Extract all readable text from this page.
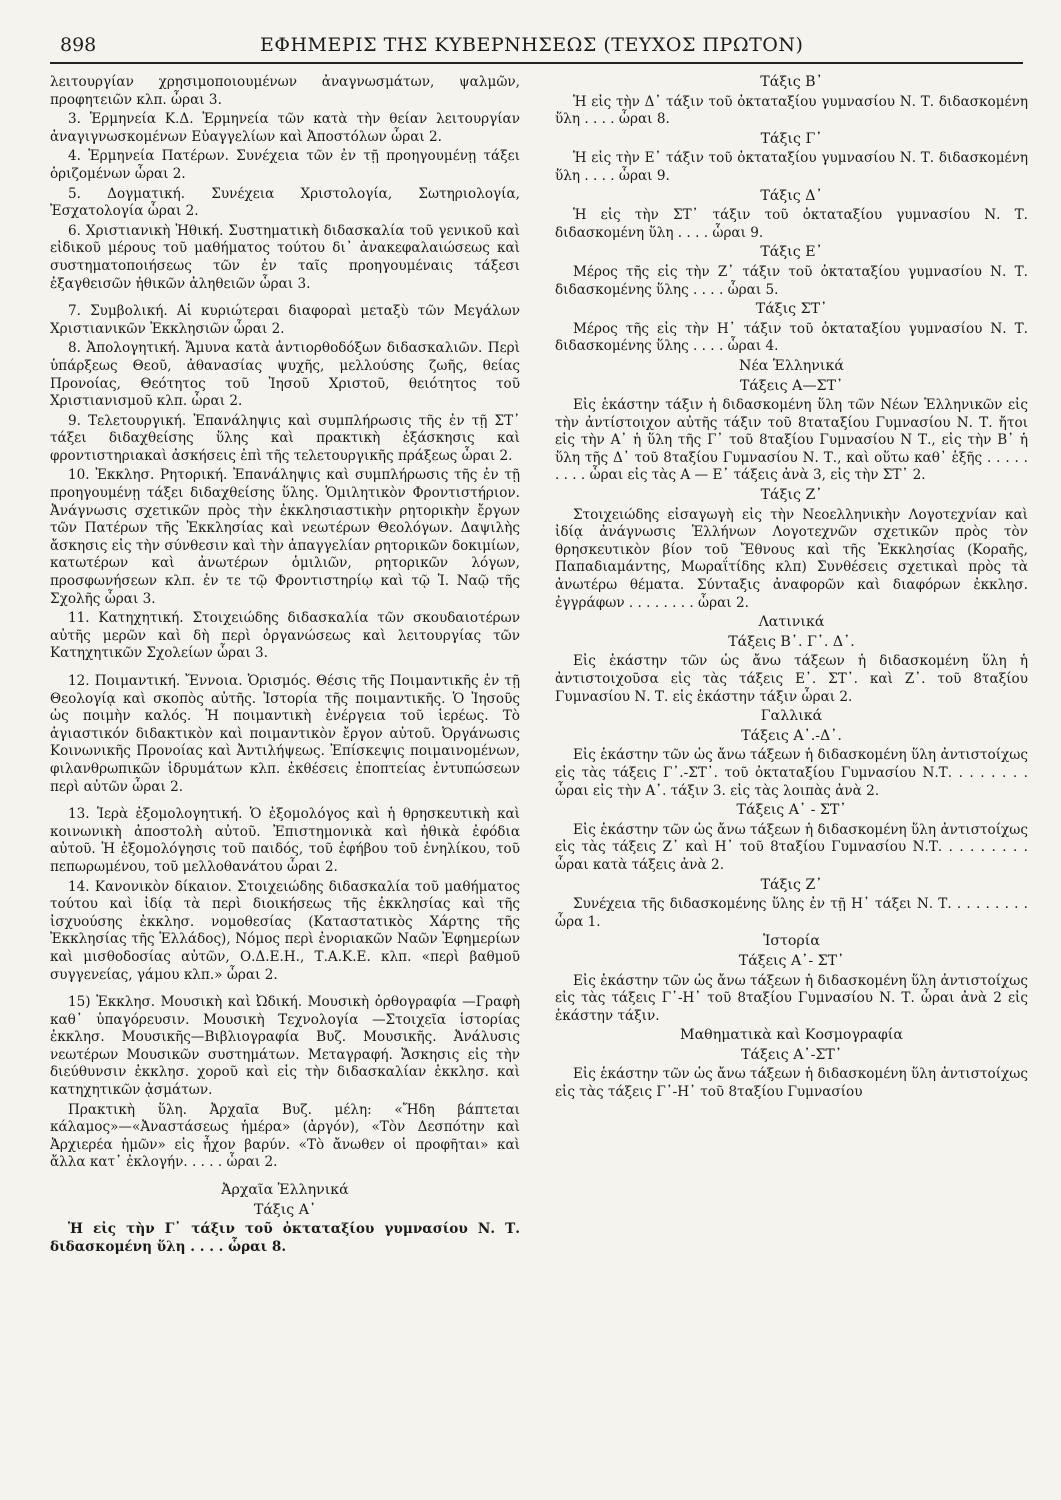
898	ΕΦΗΜΕΡΙΣ ΤΗΣ ΚΥΒΕΡΝΗΣΕΩΣ (ΤΕΥΧΟΣ ΠΡΩΤΟΝ)

λειτουργίαν χρησιμοποιουμένων ἀναγνωσμάτων, ψαλμῶν, προφητειῶν κλπ. ὧραι 3.

3. Ἑρμηνεία Κ.Δ. Ἑρμηνεία τῶν κατὰ τὴν θείαν λειτουργίαν ἀναγιγνωσκομένων Εὐαγγελίων καὶ Ἀποστόλων ὧραι 2.

4. Ἑρμηνεία Πατέρων. Συνέχεια τῶν ἐν τῇ προηγουμένῃ τάξει ὁριζομένων ὧραι 2.

5. Δογματική. Συνέχεια Χριστολογία, Σωτηριολογία, Ἐσχατολογία ὧραι 2.

6. Χριστιανικὴ Ἠθική. Συστηματικὴ διδασκαλία τοῦ γενικοῦ καὶ εἰδικοῦ μέρους τοῦ μαθήματος τούτου δι᾽ ἀνακεφαλαιώσεως καὶ συστηματοποιήσεως τῶν ἐν ταῖς προηγουμέναις τάξεσι ἐξαγθεισῶν ἠθικῶν ἀληθειῶν ὧραι 3.

7. Συμβολική. Αἱ κυριώτεραι διαφοραὶ μεταξὺ τῶν Μεγάλων Χριστιανικῶν Ἐκκλησιῶν ὧραι 2.

8. Ἀπολογητική. Ἄμυνα κατὰ ἀντιορθοδόξων διδασκαλιῶν. Περὶ ὑπάρξεως Θεοῦ, ἀθανασίας ψυχῆς, μελλούσης ζωῆς, θείας Προνοίας, Θεότητος τοῦ Ἰησοῦ Χριστοῦ, θειότητος τοῦ Χριστιανισμοῦ κλπ. ὧραι 2.

9. Τελετουργική. Ἐπανάληψις καὶ συμπλήρωσις τῆς ἐν τῇ ΣΤ᾽ τάξει διδαχθείσης ὕλης καὶ πρακτικὴ ἐξάσκησις καὶ φροντιστηριακαὶ ἀσκήσεις ἐπὶ τῆς τελετουργικῆς πράξεως ὧραι 2.

10. Ἐκκλησ. Ρητορική. Ἐπανάληψις καὶ συμπλήρωσις τῆς ἐν τῇ προηγουμένῃ τάξει διδαχθείσης ὕλης. Ὁμιλητικὸν Φροντιστήριον. Ἀνάγνωσις σχετικῶν πρὸς τὴν ἐκκλησιαστικὴν ρητορικὴν ἔργων τῶν Πατέρων τῆς Ἐκκλησίας καὶ νεωτέρων Θεολόγων. Δαψιλὴς ἄσκησις εἰς τὴν σύνθεσιν καὶ τὴν ἀπαγγελίαν ρητορικῶν δοκιμίων, κατωτέρων καὶ ἀνωτέρων ὁμιλιῶν, ρητορικῶν λόγων, προσφωνήσεων κλπ. ἐν τε τῷ Φροντιστηρίῳ καὶ τῷ Ἱ. Ναῷ τῆς Σχολῆς ὧραι 3.

11. Κατηχητική. Στοιχειώδης διδασκαλία τῶν σκουδαιοτέρων αὐτῆς μερῶν καὶ δὴ περὶ ὀργανώσεως καὶ λειτουργίας τῶν Κατηχητικῶν Σχολείων ὧραι 3.

12. Ποιμαντική. Ἔννοια. Ὁρισμός. Θέσις τῆς Ποιμαντικῆς ἐν τῇ Θεολογίᾳ καὶ σκοπὸς αὐτῆς. Ἱστορία τῆς ποιμαντικῆς. Ὁ Ἰησοῦς ὡς ποιμὴν καλός. Ἡ ποιμαντικὴ ἐνέργεια τοῦ ἱερέως. Τὸ ἁγιαστικόν διδακτικὸν καὶ ποιμαντικὸν ἔργον αὐτοῦ. Ὀργάνωσις Κοινωνικῆς Προνοίας καὶ Ἀντιλήψεως. Ἐπίσκεψις ποιμαινομένων, φιλανθρωπικῶν ἱδρυμάτων κλπ. ἐκθέσεις ἐποπτείας ἐντυπώσεων περὶ αὐτῶν ὧραι 2.

13. Ἱερὰ ἐξομολογητική. Ὁ ἐξομολόγος καὶ ἡ θρησκευτικὴ καὶ κοινωνικὴ ἀποστολὴ αὐτοῦ. Ἐπιστημονικὰ καὶ ἠθικὰ ἐφόδια αὐτοῦ. Ἡ ἐξομολόγησις τοῦ παιδός, τοῦ ἐφήβου τοῦ ἐνηλίκου, τοῦ πεπωρωμένου, τοῦ μελλοθανάτου ὧραι 2.

14. Κανονικὸν δίκαιον. Στοιχειώδης διδασκαλία τοῦ μαθήματος τούτου καὶ ἰδίᾳ τὰ περὶ διοικήσεως τῆς ἐκκλησίας καὶ τῆς ἰσχυούσης ἐκκλησ. νομοθεσίας (Καταστατικὸς Χάρτης τῆς Ἐκκλησίας τῆς Ἑλλάδος), Νόμος περὶ ἐνοριακῶν Ναῶν Ἐφημερίων καὶ μισθοδοσίας αὐτῶν, Ο.Δ.Ε.Η., Τ.Α.Κ.Ε. κλπ. «περὶ βαθμοῦ συγγενείας, γάμου κλπ.» ὧραι 2.

15) Ἐκκλησ. Μουσικὴ καὶ Ὠδική. Μουσικὴ ὀρθογραφία —Γραφὴ καθ᾽ ὑπαγόρευσιν. Μουσικὴ Τεχνολογία —Στοιχεῖα ἱστορίας ἐκκλησ. Μουσικῆς—Βιβλιογραφία Βυζ. Μουσικῆς. Ἀνάλυσις νεωτέρων Μουσικῶν συστημάτων. Μεταγραφή. Ἄσκησις εἰς τὴν διεύθυνσιν ἐκκλησ. χοροῦ καὶ εἰς τὴν διδασκαλίαν ἐκκλησ. καὶ κατηχητικῶν ᾀσμάτων.

Πρακτικὴ ὕλη. Ἀρχαῖα Βυζ. μέλη: «Ἤδη βάπτεται κάλαμος»—«Ἀναστάσεως ἡμέρα» (ἀργόν), «Τὸν Δεσπότην καὶ Ἀρχιερέα ἡμῶν» εἰς ἦχον βαρύν. «Τὸ ἄνωθεν οἱ προφῆται» καὶ ἄλλα κατ᾽ ἐκλογήν. . . . . ὧραι 2.

Ἀρχαῖα Ἑλληνικά

Τάξις Α᾽

Ἡ εἰς τὴν Γ᾽ τάξιν τοῦ ὀκταταξίου γυμνασίου Ν. Τ. διδασκομένη ὕλη . . . . ὧραι 8.

Τάξις Β᾽

Ἡ εἰς τὴν Δ᾽ τάξιν τοῦ ὀκταταξίου γυμνασίου Ν. Τ. διδασκομένη ὕλη . . . . ὧραι 8.

Τάξις Γ᾽

Ἡ εἰς τὴν Ε᾽ τάξιν τοῦ ὀκταταξίου γυμνασίου Ν. Τ. διδασκομένη ὕλη . . . . ὧραι 9.

Τάξις Δ᾽

Ἡ εἰς τὴν ΣΤ᾽ τάξιν τοῦ ὀκταταξίου γυμνασίου Ν. Τ. διδασκομένη ὕλη . . . . ὧραι 9.

Τάξις Ε᾽

Μέρος τῆς εἰς τὴν Ζ᾽ τάξιν τοῦ ὀκταταξίου γυμνασίου Ν. Τ. διδασκομένης ὕλης . . . . ὧραι 5.

Τάξις ΣΤ᾽

Μέρος τῆς εἰς τὴν Η᾽ τάξιν τοῦ ὀκταταξίου γυμνασίου Ν. Τ. διδασκομένης ὕλης . . . . ὧραι 4.

Νέα Ἑλληνικά

Τάξεις Α—ΣΤ᾽

Εἰς ἑκάστην τάξιν ἡ διδασκομένη ὕλη τῶν Νέων Ἑλληνικῶν εἰς τὴν ἀντίστοιχον αὐτῆς τάξιν τοῦ 8ταταξίου Γυμνασίου Ν. Τ. ἤτοι εἰς τὴν Α᾽ ἡ ὕλη τῆς Γ᾽ τοῦ 8ταξίου Γυμνασίου Ν Τ., εἰς τὴν Β᾽ ἡ ὕλη τῆς Δ᾽ τοῦ 8ταξίου Γυμνασίου Ν. Τ., καὶ οὕτω καθ᾽ ἑξῆς . . . . . . . . . ὧραι εἰς τὰς Α — Ε᾽ τάξεις ἀνὰ 3, εἰς τὴν ΣΤ᾽ 2.

Τάξις Ζ᾽

Στοιχειώδης εἰσαγωγὴ εἰς τὴν Νεοελληνικὴν Λογοτεχνίαν καὶ ἰδίᾳ ἀνάγνωσις Ἑλλήνων Λογοτεχνῶν σχετικῶν πρὸς τὸν θρησκευτικὸν βίον τοῦ Ἔθνους καὶ τῆς Ἐκκλησίας (Κοραῆς, Παπαδιαμάντης, Μωραΐτίδης κλπ) Συνθέσεις σχετικαὶ πρὸς τὰ ἀνωτέρω θέματα. Σύνταξις ἀναφορῶν καὶ διαφόρων ἐκκλησ. ἐγγράφων . . . . . . . . ὧραι 2.

Λατινικά

Τάξεις Β᾽. Γ᾽. Δ᾽.

Εἰς ἑκάστην τῶν ὡς ἄνω τάξεων ἡ διδασκομένη ὕλη ἡ ἀντιστοιχοῦσα εἰς τὰς τάξεις Ε᾽. ΣΤ᾽. καὶ Ζ᾽. τοῦ 8ταξίου Γυμνασίου Ν. Τ. εἰς ἑκάστην τάξιν ὧραι 2.

Γαλλικά

Τάξεις Α᾽.-Δ᾽.

Εἰς ἑκάστην τῶν ὡς ἄνω τάξεων ἡ διδασκομένη ὕλη ἀντιστοίχως εἰς τὰς τάξεις Γ᾽.-ΣΤ᾽. τοῦ ὀκταταξίου Γυμνασίου Ν.Τ. . . . . . . . ὧραι εἰς τὴν Α᾽. τάξιν 3. εἰς τὰς λοιπὰς ἀνὰ 2.

Τάξεις Α᾽ - ΣΤ᾽

Εἰς ἑκάστην τῶν ὡς ἄνω τάξεων ἡ διδασκομένη ὕλη ἀντιστοίχως εἰς τὰς τάξεις Ζ᾽ καὶ Η᾽ τοῦ 8ταξίου Γυμνασίου Ν.Τ. . . . . . . . . ὧραι κατὰ τάξεις ἀνὰ 2.

Τάξις Ζ᾽

Συνέχεια τῆς διδασκομένης ὕλης ἐν τῇ Η᾽ τάξει Ν. Τ. . . . . . . . . ὧρα 1.

Ἱστορία

Τάξεις Α᾽- ΣΤ᾽

Εἰς ἑκάστην τῶν ὡς ἄνω τάξεων ἡ διδασκομένη ὕλη ἀντιστοίχως εἰς τὰς τάξεις Γ᾽-Η᾽ τοῦ 8ταξίου Γυμνασίου Ν. Τ. ὧραι ἀνὰ 2 εἰς ἑκάστην τάξιν.

Μαθηματικὰ καὶ Κοσμογραφία

Τάξεις Α᾽-ΣΤ᾽

Εἰς ἑκάστην τῶν ὡς ἄνω τάξεων ἡ διδασκομένη ὕλη ἀντιστοίχως εἰς τὰς τάξεις Γ᾽-Η᾽ τοῦ 8ταξίου Γυμνασίου
